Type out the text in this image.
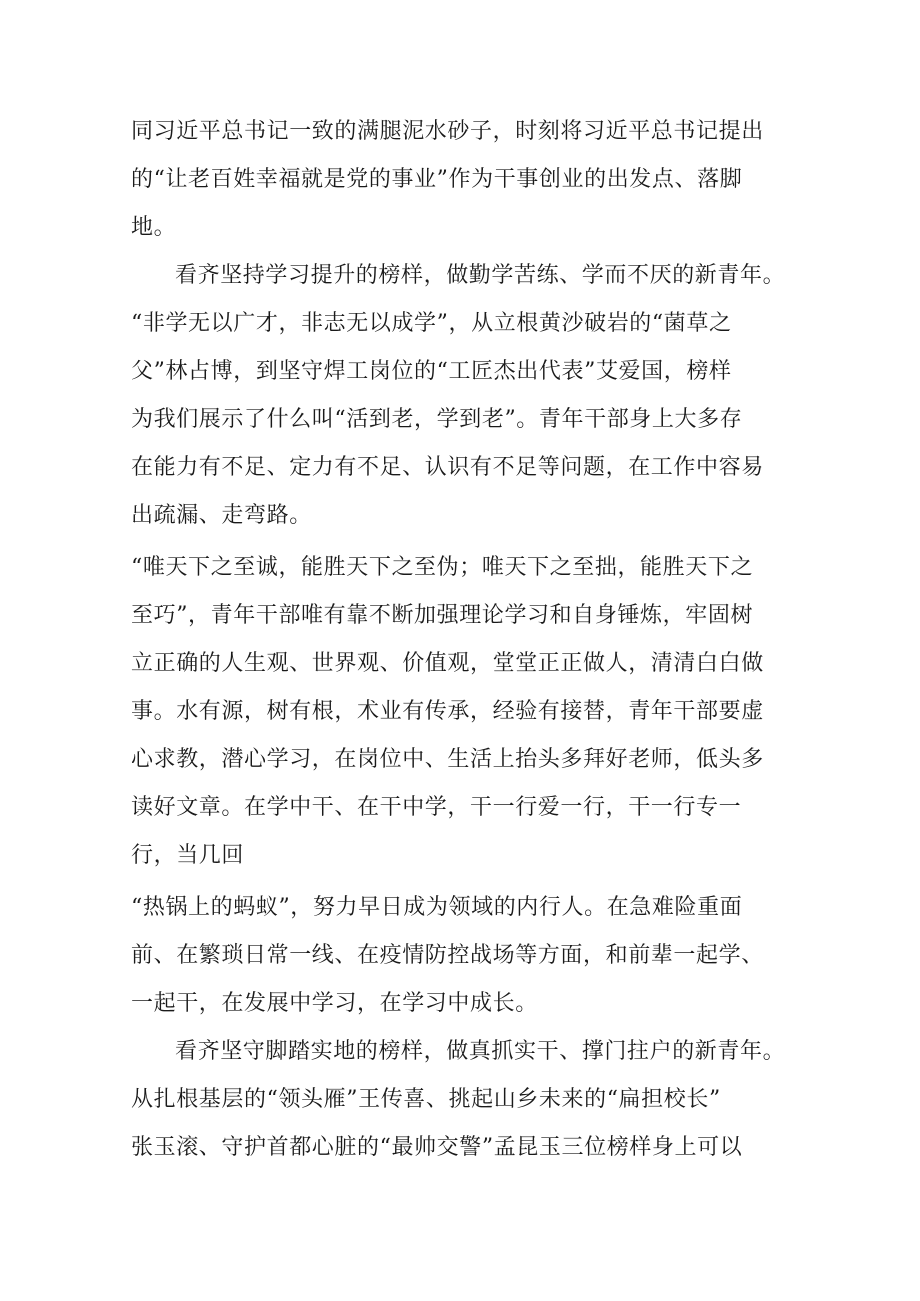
同习近平总书记一致的满腿泥水砂子，时刻将习近平总书记提出
的“让老百姓幸福就是党的事业”作为干事创业的出发点、落脚
地。
看齐坚持学习提升的榜样，做勤学苦练、学而不厌的新青年。
“非学无以广才，非志无以成学”，从立根黄沙破岩的“菌草之
父”林占博，到坚守焊工岗位的“工匠杰出代表”艾爱国，榜样
为我们展示了什么叫“活到老，学到老”。青年干部身上大多存
在能力有不足、定力有不足、认识有不足等问题，在工作中容易
出疏漏、走弯路。
“唯天下之至诚，能胜天下之至伪；唯天下之至拙，能胜天下之
至巧”，青年干部唯有靠不断加强理论学习和自身锤炼，牢固树
立正确的人生观、世界观、价值观，堂堂正正做人，清清白白做
事。水有源，树有根，术业有传承，经验有接替，青年干部要虚
心求教，潜心学习，在岗位中、生活上抬头多拜好老师，低头多
读好文章。在学中干、在干中学，干一行爱一行，干一行专一
行，当几回
“热锅上的蚂蚁”，努力早日成为领域的内行人。在急难险重面
前、在繁琐日常一线、在疫情防控战场等方面，和前辈一起学、
一起干，在发展中学习，在学习中成长。
看齐坚守脚踏实地的榜样，做真抓实干、撑门拄户的新青年。
从扎根基层的“领头雁”王传喜、挑起山乡未来的“扁担校长”
张玉滚、守护首都心脏的“最帅交警”孟昆玉三位榜样身上可以
